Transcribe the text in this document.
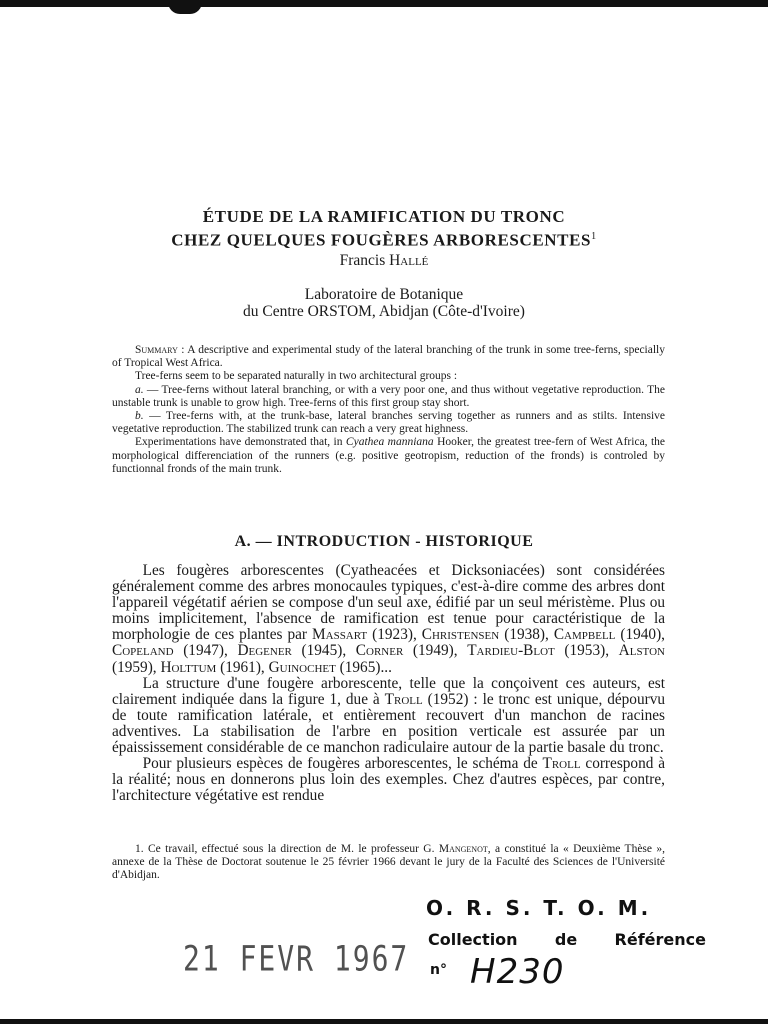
ÉTUDE DE LA RAMIFICATION DU TRONC
CHEZ QUELQUES FOUGÈRES ARBORESCENTES$^1$

Francis Hallé

Laboratoire de Botanique

du Centre ORSTOM, Abidjan (Côte-d'Ivoire)

Summary : A descriptive and experimental study of the lateral branching of the trunk in some tree-ferns, specially of Tropical West Africa.

Tree-ferns seem to be separated naturally in two architectural groups :

a. — Tree-ferns without lateral branching, or with a very poor one, and thus without vegetative reproduction. The unstable trunk is unable to grow high. Tree-ferns of this first group stay short.

b. — Tree-ferns with, at the trunk-base, lateral branches serving together as runners and as stilts. Intensive vegetative reproduction. The stabilized trunk can reach a very great highness.

Experimentations have demonstrated that, in Cyathea manniana Hooker, the greatest tree-fern of West Africa, the morphological differenciation of the runners (e.g. positive geotropism, reduction of the fronds) is controled by functionnal fronds of the main trunk.

A. — INTRODUCTION - HISTORIQUE

Les fougères arborescentes (Cyatheacées et Dicksoniacées) sont considérées généralement comme des arbres monocaules typiques, c'est-à-dire comme des arbres dont l'appareil végétatif aérien se compose d'un seul axe, édifié par un seul méristème. Plus ou moins implicitement, l'absence de ramification est tenue pour caractéristique de la morphologie de ces plantes par Massart (1923), Christensen (1938), Campbell (1940), Copeland (1947), Degener (1945), Corner (1949), Tardieu-Blot (1953), Alston (1959), Holttum (1961), Guinochet (1965)...

La structure d'une fougère arborescente, telle que la conçoivent ces auteurs, est clairement indiquée dans la figure 1, due à Troll (1952) : le tronc est unique, dépourvu de toute ramification latérale, et entièrement recouvert d'un manchon de racines adventives. La stabilisation de l'arbre en position verticale est assurée par un épaississement considérable de ce manchon radiculaire autour de la partie basale du tronc.

Pour plusieurs espèces de fougères arborescentes, le schéma de Troll correspond à la réalité; nous en donnerons plus loin des exemples. Chez d'autres espèces, par contre, l'architecture végétative est rendue

1. Ce travail, effectué sous la direction de M. le professeur G. Mangenot, a constitué la « Deuxième Thèse », annexe de la Thèse de Doctorat soutenue le 25 février 1966 devant le jury de la Faculté des Sciences de l'Université d'Abidjan.

21 FEVR 1967
O. R. S. T. O. M.
Collection de Référence
n° H230
